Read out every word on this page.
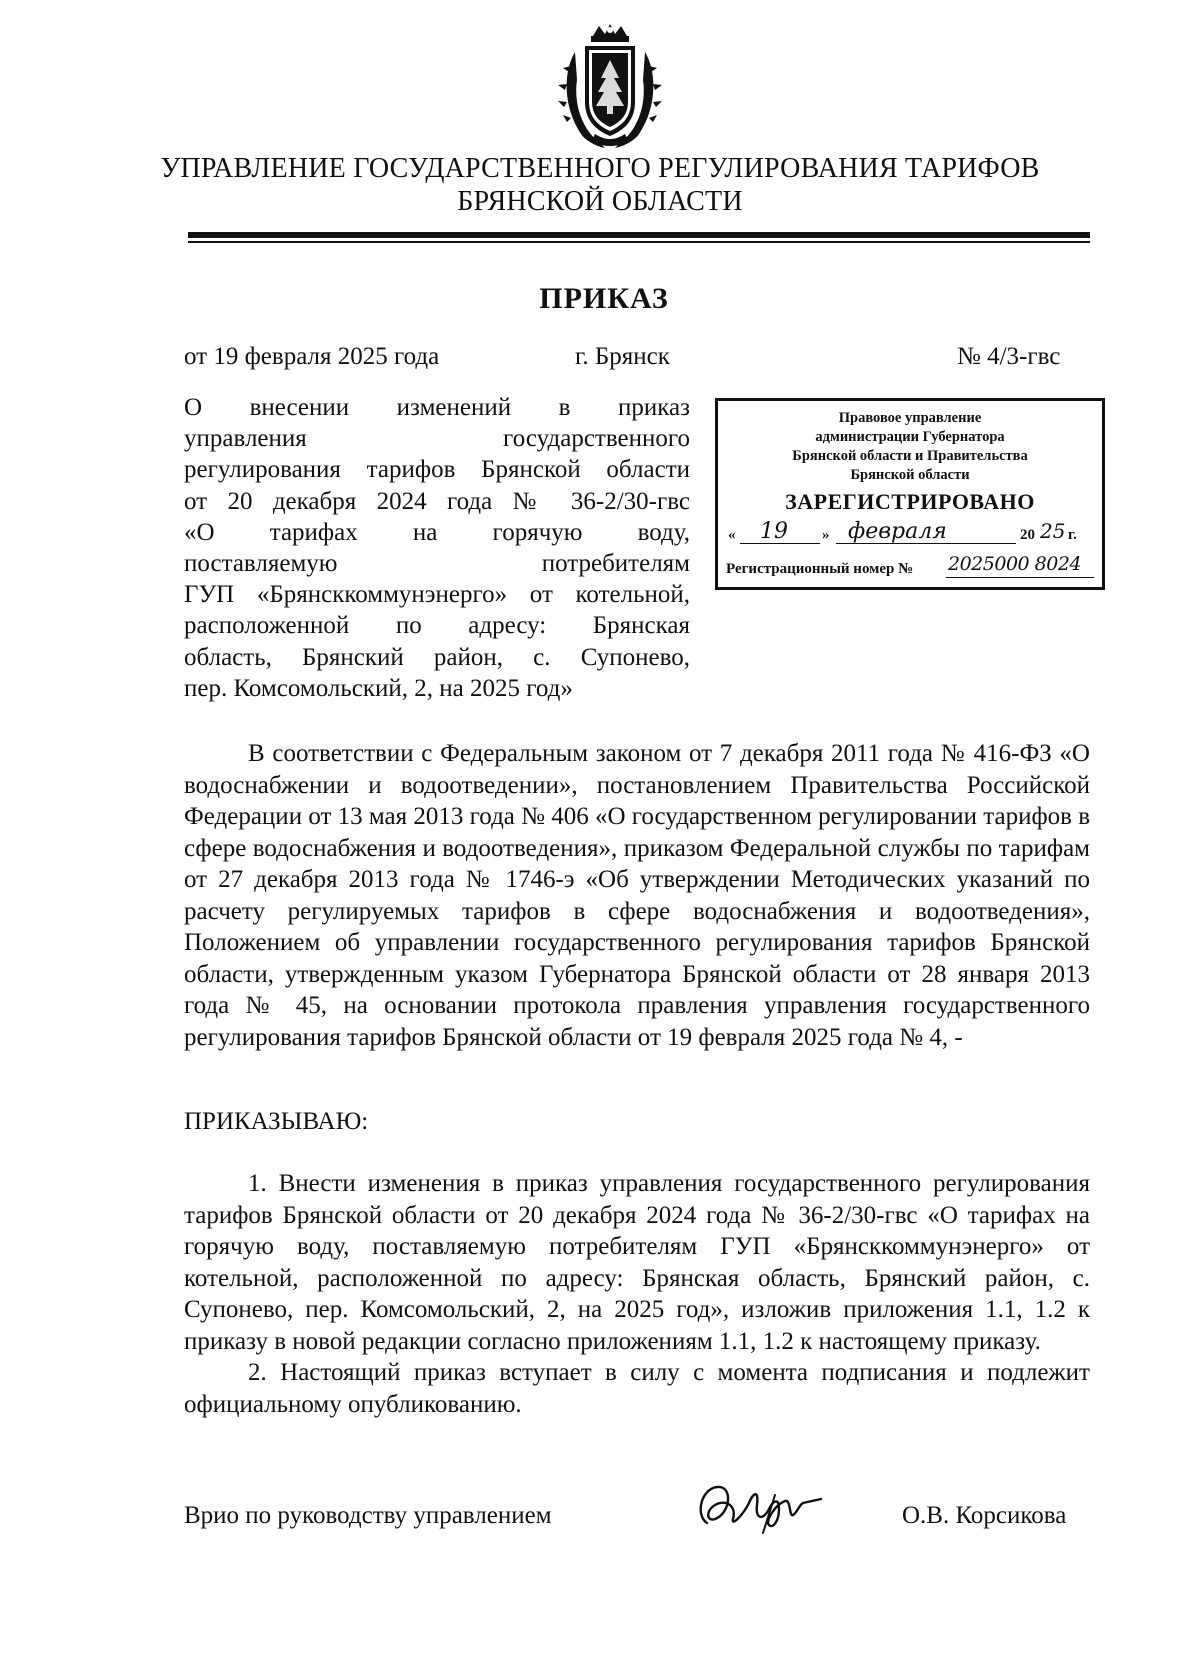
УПРАВЛЕНИЕ ГОСУДАРСТВЕННОГО РЕГУЛИРОВАНИЯ ТАРИФОВ
БРЯНСКОЙ ОБЛАСТИ
ПРИКАЗ
от 19 февраля 2025 года	г. Брянск	№ 4/3-гвс
О внесении изменений в приказ
управления государственного
регулирования тарифов Брянской области
от 20 декабря 2024 года № 36-2/30-гвс
«О тарифах на горячую воду,
поставляемую потребителям
ГУП «Брянсккоммунэнерго» от котельной,
расположенной по адресу: Брянская
область, Брянский район, с. Супонево,
пер. Комсомольский, 2, на 2025 год»
Правовое управление
администрации Губернатора
Брянской области и Правительства
Брянской области
ЗАРЕГИСТРИРОВАНО
« 19 » февраля	20 25 г.
Регистрационный номер № 2025000 8024
В соответствии с Федеральным законом от 7 декабря 2011 года № 416-ФЗ «О водоснабжении и водоотведении», постановлением Правительства Российской Федерации от 13 мая 2013 года № 406 «О государственном регулировании тарифов в сфере водоснабжения и водоотведения», приказом Федеральной службы по тарифам от 27 декабря 2013 года № 1746-э «Об утверждении Методических указаний по расчету регулируемых тарифов в сфере водоснабжения и водоотведения», Положением об управлении государственного регулирования тарифов Брянской области, утвержденным указом Губернатора Брянской области от 28 января 2013 года № 45, на основании протокола правления управления государственного регулирования тарифов Брянской области от 19 февраля 2025 года № 4, -
ПРИКАЗЫВАЮ:
1. Внести изменения в приказ управления государственного регулирования тарифов Брянской области от 20 декабря 2024 года № 36-2/30-гвс «О тарифах на горячую воду, поставляемую потребителям ГУП «Брянсккоммунэнерго» от котельной, расположенной по адресу: Брянская область, Брянский район, с. Супонево, пер. Комсомольский, 2, на 2025 год», изложив приложения 1.1, 1.2 к приказу в новой редакции согласно приложениям 1.1, 1.2 к настоящему приказу.
2. Настоящий приказ вступает в силу с момента подписания и подлежит официальному опубликованию.
Врио по руководству управлением	О.В. Корсикова
